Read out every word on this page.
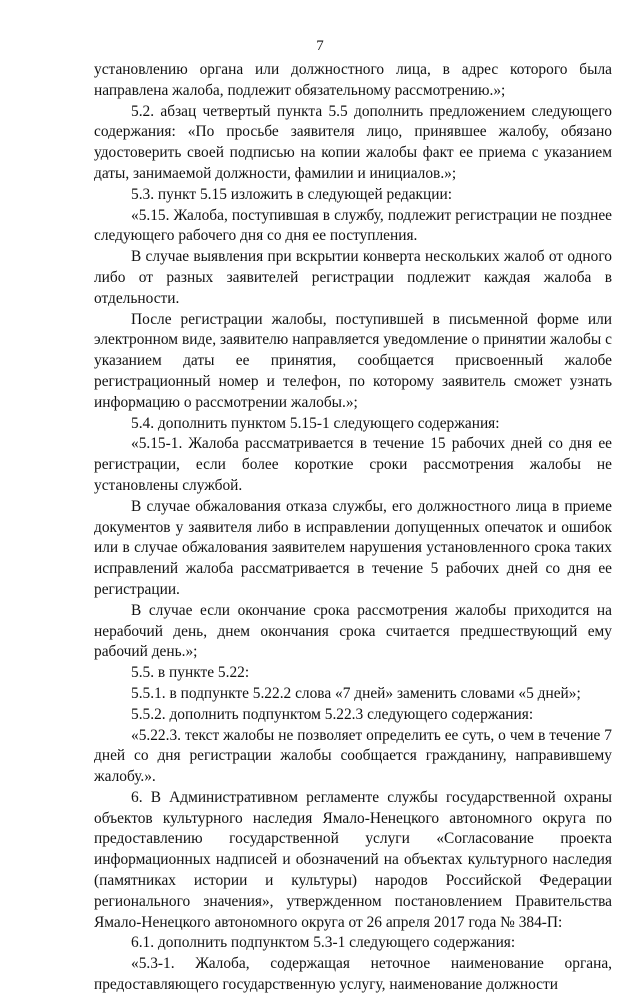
7

установлению органа или должностного лица, в адрес которого была направлена жалоба, подлежит обязательному рассмотрению.»;

5.2. абзац четвертый пункта 5.5 дополнить предложением следующего содержания: «По просьбе заявителя лицо, принявшее жалобу, обязано удостоверить своей подписью на копии жалобы факт ее приема с указанием даты, занимаемой должности, фамилии и инициалов.»;

5.3. пункт 5.15 изложить в следующей редакции:

«5.15. Жалоба, поступившая в службу, подлежит регистрации не позднее следующего рабочего дня со дня ее поступления.

В случае выявления при вскрытии конверта нескольких жалоб от одного либо от разных заявителей регистрации подлежит каждая жалоба в отдельности.

После регистрации жалобы, поступившей в письменной форме или электронном виде, заявителю направляется уведомление о принятии жалобы с указанием даты ее принятия, сообщается присвоенный жалобе регистрационный номер и телефон, по которому заявитель сможет узнать информацию о рассмотрении жалобы.»;

5.4. дополнить пунктом 5.15-1 следующего содержания:

«5.15-1. Жалоба рассматривается в течение 15 рабочих дней со дня ее регистрации, если более короткие сроки рассмотрения жалобы не установлены службой.

В случае обжалования отказа службы, его должностного лица в приеме документов у заявителя либо в исправлении допущенных опечаток и ошибок или в случае обжалования заявителем нарушения установленного срока таких исправлений жалоба рассматривается в течение 5 рабочих дней со дня ее регистрации.

В случае если окончание срока рассмотрения жалобы приходится на нерабочий день, днем окончания срока считается предшествующий ему рабочий день.»;

5.5. в пункте 5.22:

5.5.1. в подпункте 5.22.2 слова «7 дней» заменить словами «5 дней»;

5.5.2. дополнить подпунктом 5.22.3 следующего содержания:

«5.22.3. текст жалобы не позволяет определить ее суть, о чем в течение 7 дней со дня регистрации жалобы сообщается гражданину, направившему жалобу.».

6. В Административном регламенте службы государственной охраны объектов культурного наследия Ямало-Ненецкого автономного округа по предоставлению государственной услуги «Согласование проекта информационных надписей и обозначений на объектах культурного наследия (памятниках истории и культуры) народов Российской Федерации регионального значения», утвержденном постановлением Правительства Ямало-Ненецкого автономного округа от 26 апреля 2017 года № 384-П:

6.1. дополнить подпунктом 5.3-1 следующего содержания:

«5.3-1. Жалоба, содержащая неточное наименование органа, предоставляющего государственную услугу, наименование должности
